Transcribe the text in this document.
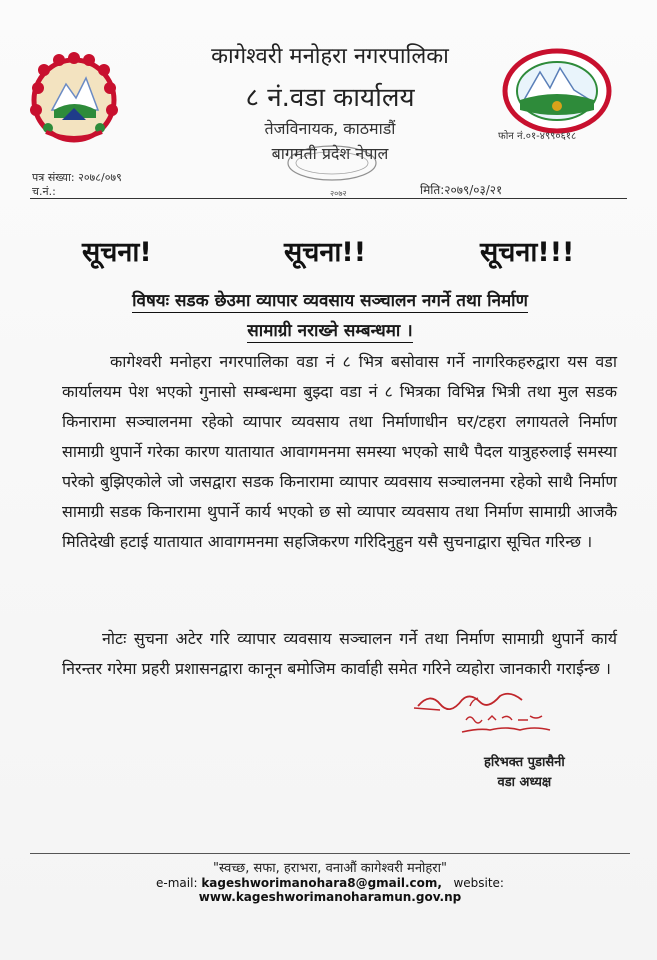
कागेश्वरी मनोहरा नगरपालिका
८ नं.वडा कार्यालय
तेजविनायक, काठमाडौं
बागमती प्रदेश नेपाल
फोन नं.०१-४९९०६१८
पत्र संख्या: २०७८/०७९
च.नं.:	२०७२	मिति:२०७९/०३/२१
सूचना!	सूचना!!	सूचना!!!
विषयः सडक छेउमा व्यापार व्यवसाय सञ्चालन नगर्ने तथा निर्माण
सामाग्री नराख्ने सम्बन्धमा ।
कागेश्वरी मनोहरा नगरपालिका वडा नं ८ भित्र बसोवास गर्ने नागरिकहरुद्वारा यस वडा कार्यालयम पेश भएको गुनासो सम्बन्धमा बुझ्दा वडा नं ८ भित्रका विभिन्न भित्री तथा मुल सडक किनारामा सञ्चालनमा रहेको व्यापार व्यवसाय तथा निर्माणाधीन घर/टहरा लगायतले निर्माण सामाग्री थुपार्ने गरेका कारण यातायात आवागमनमा समस्या भएको साथै पैदल यात्रुहरुलाई समस्या परेको बुझिएकोले जो जसद्वारा सडक किनारामा व्यापार व्यवसाय सञ्चालनमा रहेको साथै निर्माण सामाग्री सडक किनारामा थुपार्ने कार्य भएको छ सो व्यापार व्यवसाय तथा निर्माण सामाग्री आजकै मितिदेखी हटाई यातायात आवागमनमा सहजिकरण गरिदिनुहुन यसै सुचनाद्वारा सूचित गरिन्छ ।
नोटः सुचना अटेर गरि व्यापार व्यवसाय सञ्चालन गर्ने तथा निर्माण सामाग्री थुपार्ने कार्य निरन्तर गरेमा प्रहरी प्रशासनद्वारा कानून बमोजिम कार्वाही समेत गरिने व्यहोरा जानकारी गराईन्छ ।
हरिभक्त पुडासैनी
वडा अध्यक्ष
"स्वच्छ, सफा, हराभरा, वनाऔं कागेश्वरी मनोहरा"
e-mail: kageshworimanohara8@gmail.com, website: www.kageshworimanoharamun.gov.np
